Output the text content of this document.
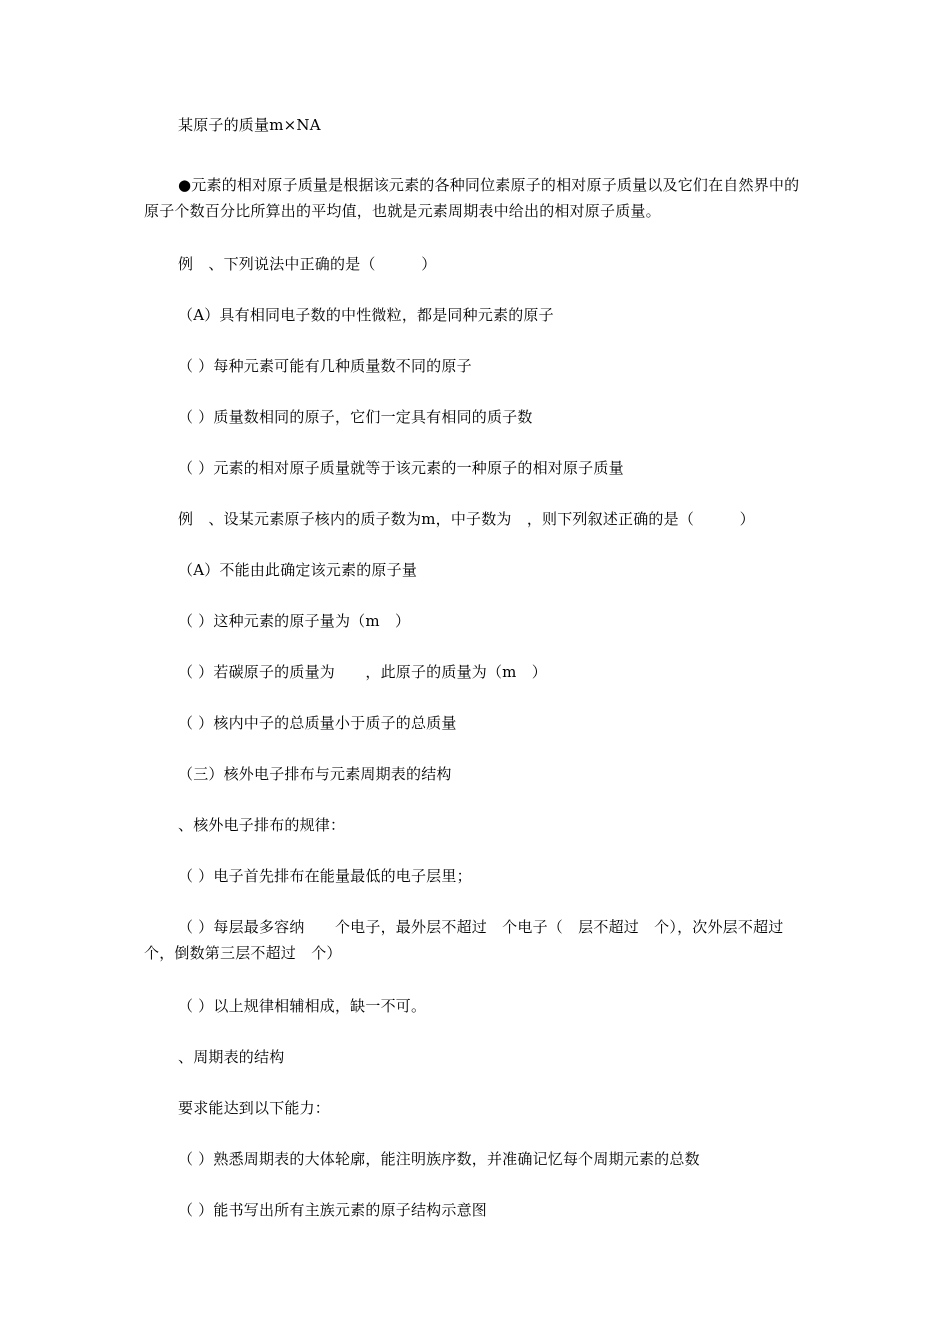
某原子的质量m×NA

●元素的相对原子质量是根据该元素的各种同位素原子的相对原子质量以及它们在自然界中的原子个数百分比所算出的平均值，也就是元素周期表中给出的相对原子质量。

例　、下列说法中正确的是（　　　）

（A）具有相同电子数的中性微粒，都是同种元素的原子

（ ）每种元素可能有几种质量数不同的原子

（ ）质量数相同的原子，它们一定具有相同的质子数

（ ）元素的相对原子质量就等于该元素的一种原子的相对原子质量

例　、设某元素原子核内的质子数为m，中子数为　，则下列叙述正确的是（　　　）

（A）不能由此确定该元素的原子量

（ ）这种元素的原子量为（m　）

（ ）若碳原子的质量为　　，此原子的质量为（m　）

（ ）核内中子的总质量小于质子的总质量

（三）核外电子排布与元素周期表的结构

、核外电子排布的规律：

（ ）电子首先排布在能量最低的电子层里；

（ ）每层最多容纳　　个电子，最外层不超过　个电子（　层不超过　个），次外层不超过　个，倒数第三层不超过　个）

（ ）以上规律相辅相成，缺一不可。

、周期表的结构

要求能达到以下能力：

（ ）熟悉周期表的大体轮廓，能注明族序数，并准确记忆每个周期元素的总数

（ ）能书写出所有主族元素的原子结构示意图
